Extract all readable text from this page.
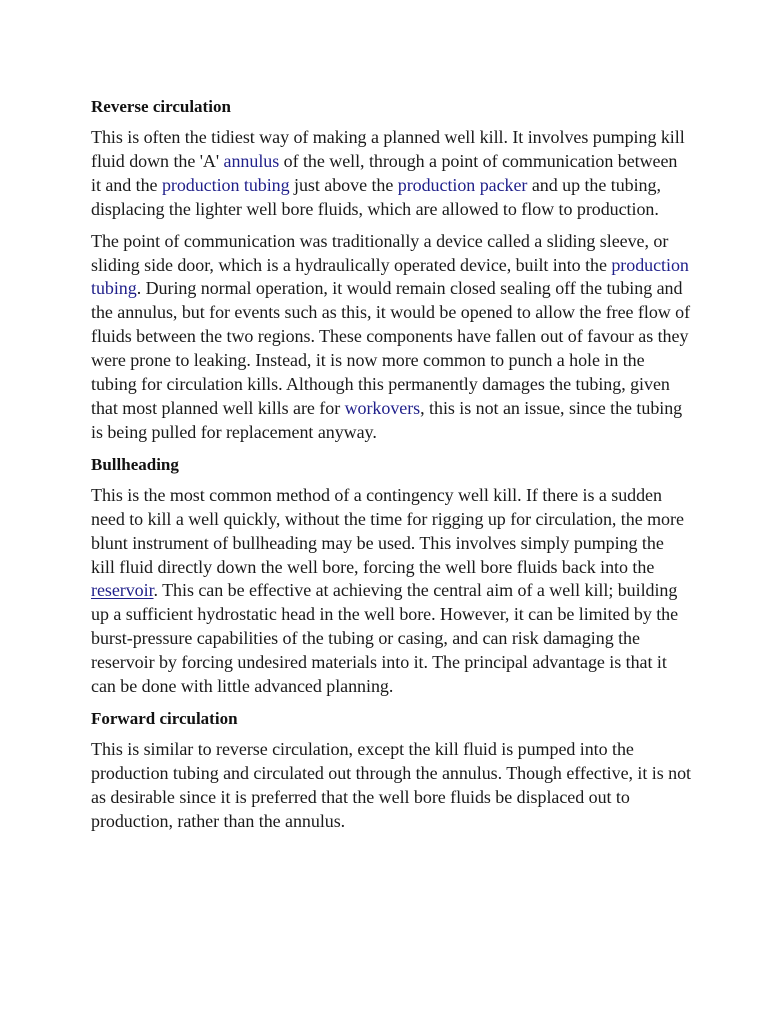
Reverse circulation

This is often the tidiest way of making a planned well kill. It involves pumping kill fluid down the 'A' annulus of the well, through a point of communication between it and the production tubing just above the production packer and up the tubing, displacing the lighter well bore fluids, which are allowed to flow to production.

The point of communication was traditionally a device called a sliding sleeve, or sliding side door, which is a hydraulically operated device, built into the production tubing. During normal operation, it would remain closed sealing off the tubing and the annulus, but for events such as this, it would be opened to allow the free flow of fluids between the two regions. These components have fallen out of favour as they were prone to leaking. Instead, it is now more common to punch a hole in the tubing for circulation kills. Although this permanently damages the tubing, given that most planned well kills are for workovers, this is not an issue, since the tubing is being pulled for replacement anyway.

Bullheading

This is the most common method of a contingency well kill. If there is a sudden need to kill a well quickly, without the time for rigging up for circulation, the more blunt instrument of bullheading may be used. This involves simply pumping the kill fluid directly down the well bore, forcing the well bore fluids back into the reservoir. This can be effective at achieving the central aim of a well kill; building up a sufficient hydrostatic head in the well bore. However, it can be limited by the burst-pressure capabilities of the tubing or casing, and can risk damaging the reservoir by forcing undesired materials into it. The principal advantage is that it can be done with little advanced planning.

Forward circulation

This is similar to reverse circulation, except the kill fluid is pumped into the production tubing and circulated out through the annulus. Though effective, it is not as desirable since it is preferred that the well bore fluids be displaced out to production, rather than the annulus.
